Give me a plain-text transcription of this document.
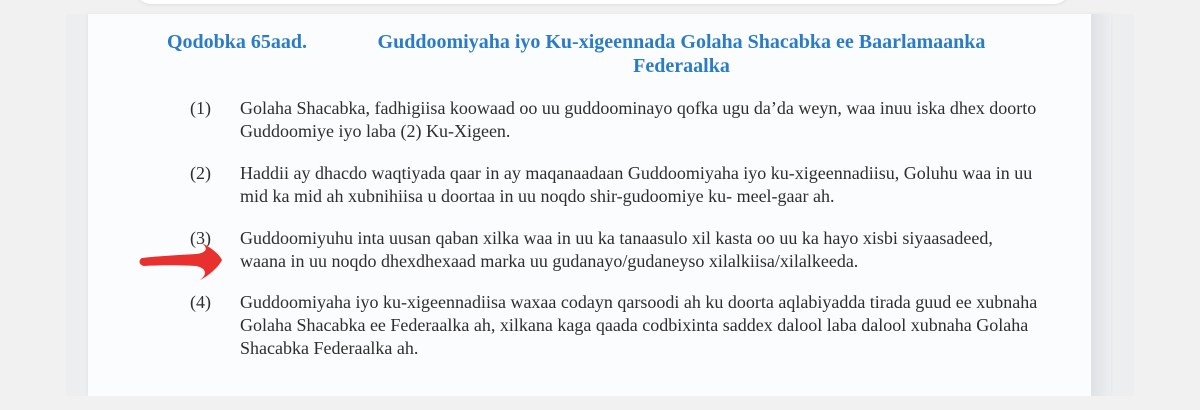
Qodobka 65aad.	Guddoomiyaha iyo Ku-xigeennada Golaha Shacabka ee Baarlamaanka Federaalka
(1) Golaha Shacabka, fadhigiisa koowaad oo uu guddoominayo qofka ugu da’da weyn, waa inuu iska dhex doorto Guddoomiye iyo laba (2) Ku-Xigeen.
(2) Haddii ay dhacdo waqtiyada qaar in ay maqanaadaan Guddoomiyaha iyo ku-xigeennadiisu, Goluhu waa in uu mid ka mid ah xubnihiisa u doortaa in uu noqdo shir-gudoomiye ku- meel-gaar ah.
(3) Guddoomiyuhu inta uusan qaban xilka waa in uu ka tanaasulo xil kasta oo uu ka hayo xisbi siyaasadeed, waana in uu noqdo dhexdhexaad marka uu gudanayo/gudaneyso xilalkiisa/xilalkeeda.
(4) Guddoomiyaha iyo ku-xigeennadiisa waxaa codayn qarsoodi ah ku doorta aqlabiyadda tirada guud ee xubnaha Golaha Shacabka ee Federaalka ah, xilkana kaga qaada codbixinta saddex dalool laba dalool xubnaha Golaha Shacabka Federaalka ah.
